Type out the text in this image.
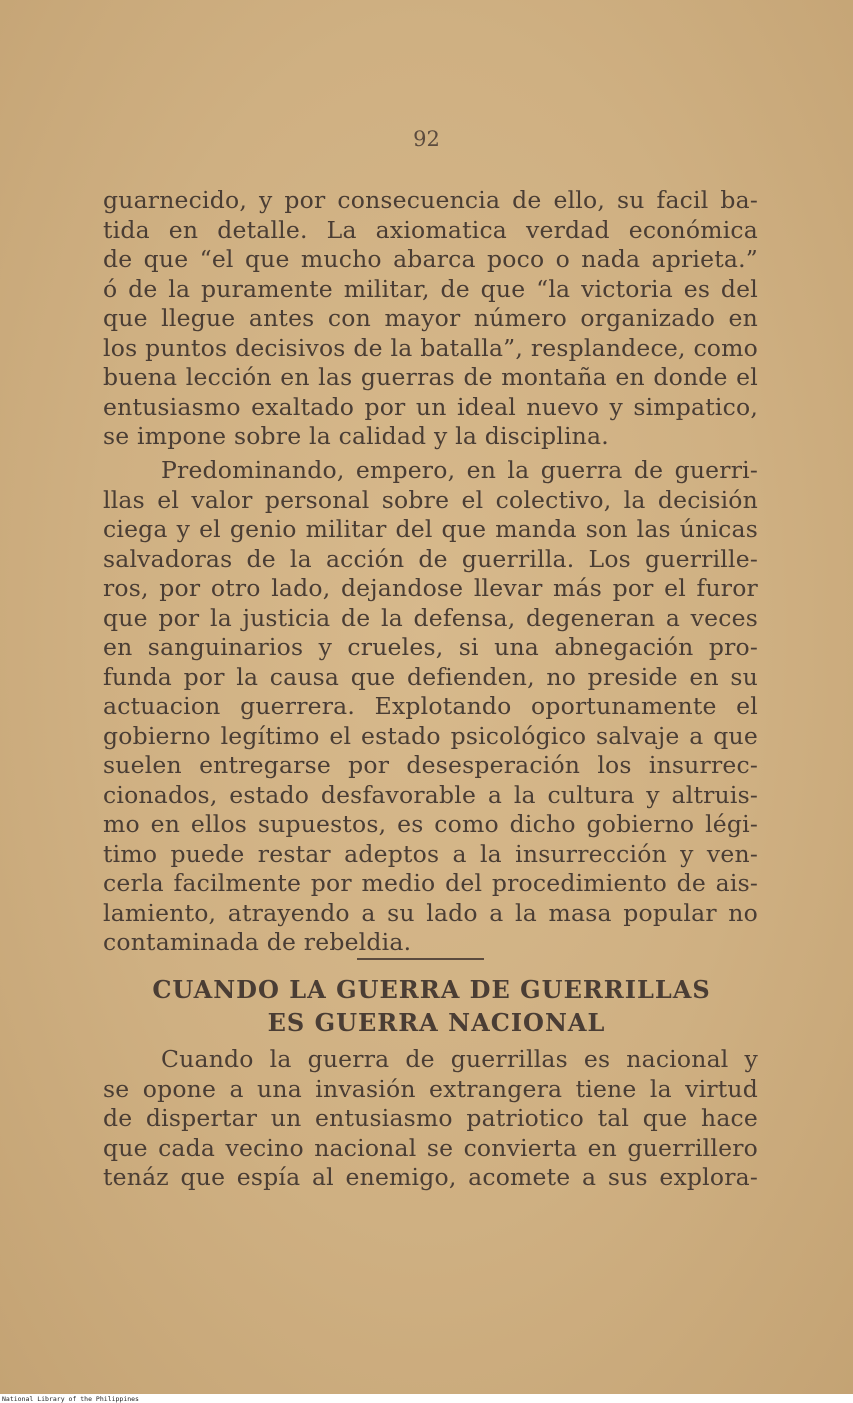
92
guarnecido, y por consecuencia de ello, su facil ba-
tida en detalle. La axiomatica verdad económica
de que “el que mucho abarca poco o nada aprieta.”
ó de la puramente militar, de que “la victoria es del
que llegue antes con mayor número organizado en
los puntos decisivos de la batalla”, resplandece, como
buena lección en las guerras de montaña en donde el
entusiasmo exaltado por un ideal nuevo y simpatico,
se impone sobre la calidad y la disciplina.
Predominando, empero, en la guerra de guerri-
llas el valor personal sobre el colectivo, la decisión
ciega y el genio militar del que manda son las únicas
salvadoras de la acción de guerrilla. Los guerrille-
ros, por otro lado, dejandose llevar más por el furor
que por la justicia de la defensa, degeneran a veces
en sanguinarios y crueles, si una abnegación pro-
funda por la causa que defienden, no preside en su
actuacion guerrera. Explotando oportunamente el
gobierno legítimo el estado psicológico salvaje a que
suelen entregarse por desesperación los insurrec-
cionados, estado desfavorable a la cultura y altruis-
mo en ellos supuestos, es como dicho gobierno légi-
timo puede restar adeptos a la insurrección y ven-
cerla facilmente por medio del procedimiento de ais-
lamiento, atrayendo a su lado a la masa popular no
contaminada de rebeldia.
CUANDO LA GUERRA DE GUERRILLAS
ES GUERRA NACIONAL
Cuando la guerra de guerrillas es nacional y
se opone a una invasión extrangera tiene la virtud
de dispertar un entusiasmo patriotico tal que hace
que cada vecino nacional se convierta en guerrillero
tenáz que espía al enemigo, acomete a sus explora-
National Library of the Philippines
